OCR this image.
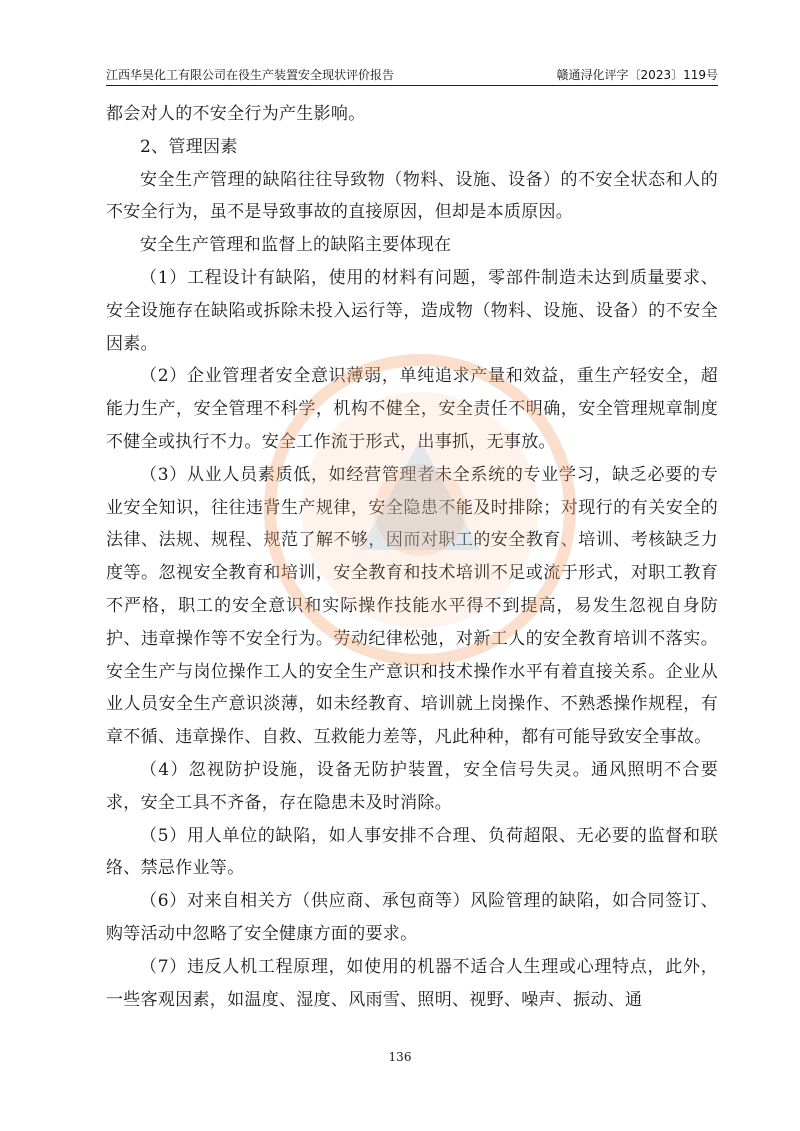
江西华昊化工有限公司在役生产装置安全现状评价报告	赣通浔化评字〔2023〕119号

都会对人的不安全行为产生影响。

2、管理因素

安全生产管理的缺陷往往导致物（物料、设施、设备）的不安全状态和人的不安全行为，虽不是导致事故的直接原因，但却是本质原因。

安全生产管理和监督上的缺陷主要体现在

（1）工程设计有缺陷，使用的材料有问题，零部件制造未达到质量要求、安全设施存在缺陷或拆除未投入运行等，造成物（物料、设施、设备）的不安全因素。

（2）企业管理者安全意识薄弱，单纯追求产量和效益，重生产轻安全，超能力生产，安全管理不科学，机构不健全，安全责任不明确，安全管理规章制度不健全或执行不力。安全工作流于形式，出事抓，无事放。

（3）从业人员素质低，如经营管理者未全系统的专业学习，缺乏必要的专业安全知识，往往违背生产规律，安全隐患不能及时排除；对现行的有关安全的法律、法规、规程、规范了解不够，因而对职工的安全教育、培训、考核缺乏力度等。忽视安全教育和培训，安全教育和技术培训不足或流于形式，对职工教育不严格，职工的安全意识和实际操作技能水平得不到提高，易发生忽视自身防护、违章操作等不安全行为。劳动纪律松弛，对新工人的安全教育培训不落实。安全生产与岗位操作工人的安全生产意识和技术操作水平有着直接关系。企业从业人员安全生产意识淡薄，如未经教育、培训就上岗操作、不熟悉操作规程，有章不循、违章操作、自救、互救能力差等，凡此种种，都有可能导致安全事故。

（4）忽视防护设施，设备无防护装置，安全信号失灵。通风照明不合要求，安全工具不齐备，存在隐患未及时消除。

（5）用人单位的缺陷，如人事安排不合理、负荷超限、无必要的监督和联络、禁忌作业等。

（6）对来自相关方（供应商、承包商等）风险管理的缺陷，如合同签订、购等活动中忽略了安全健康方面的要求。

（7）违反人机工程原理，如使用的机器不适合人生理或心理特点，此外，一些客观因素，如温度、湿度、风雨雪、照明、视野、噪声、振动、通

136
